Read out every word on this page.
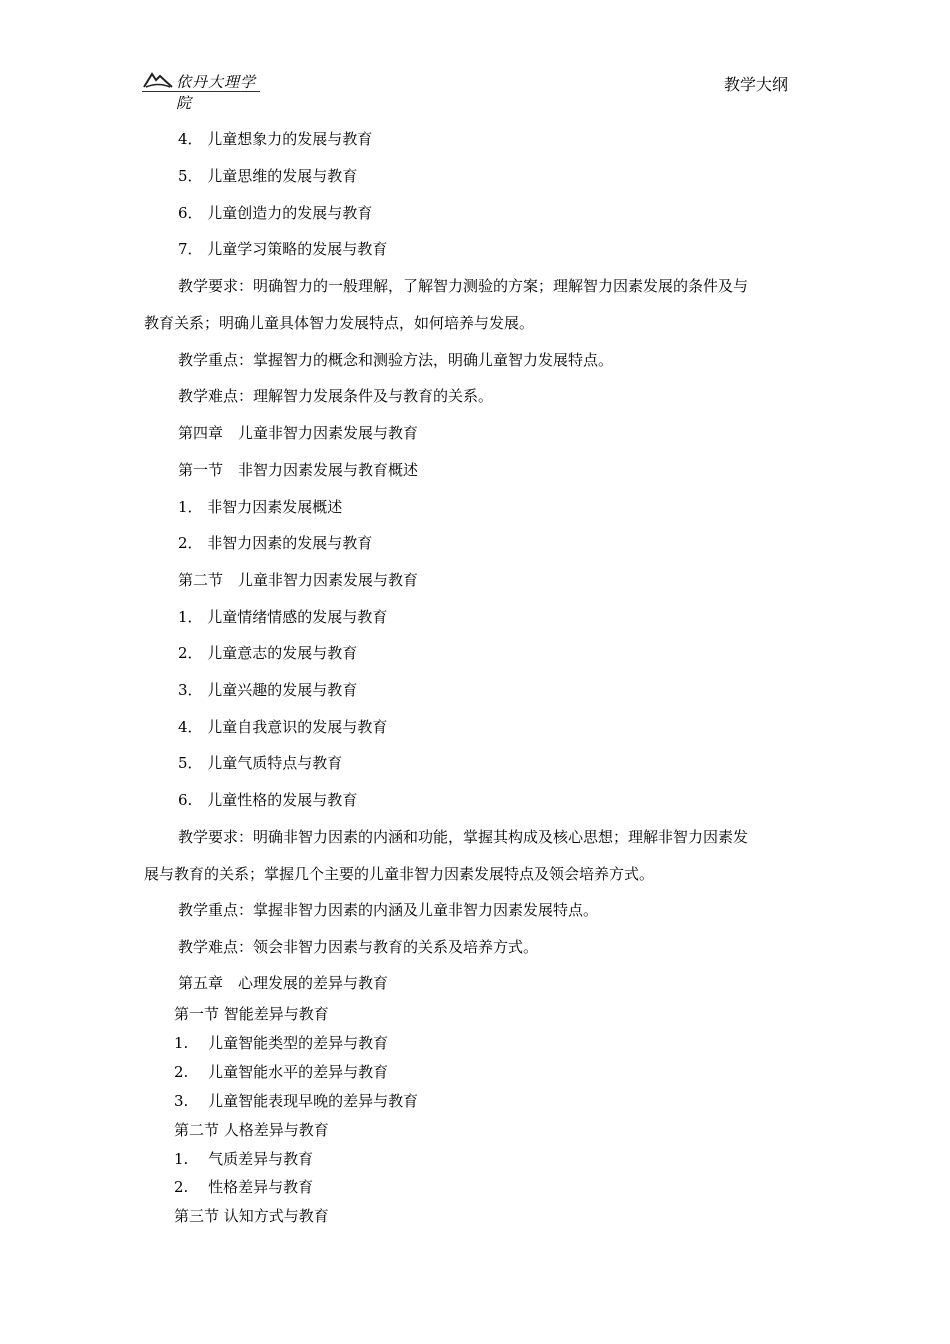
依丹大理学院
教学大纲
4． 儿童想象力的发展与教育
5． 儿童思维的发展与教育
6． 儿童创造力的发展与教育
7． 儿童学习策略的发展与教育
教学要求：明确智力的一般理解，了解智力测验的方案；理解智力因素发展的条件及与
教育关系；明确儿童具体智力发展特点，如何培养与发展。
教学重点：掌握智力的概念和测验方法，明确儿童智力发展特点。
教学难点：理解智力发展条件及与教育的关系。
第四章　儿童非智力因素发展与教育
第一节　非智力因素发展与教育概述
1． 非智力因素发展概述
2． 非智力因素的发展与教育
第二节　儿童非智力因素发展与教育
1． 儿童情绪情感的发展与教育
2． 儿童意志的发展与教育
3． 儿童兴趣的发展与教育
4． 儿童自我意识的发展与教育
5． 儿童气质特点与教育
6.　儿童性格的发展与教育
教学要求：明确非智力因素的内涵和功能，掌握其构成及核心思想；理解非智力因素发
展与教育的关系；掌握几个主要的儿童非智力因素发展特点及领会培养方式。
教学重点：掌握非智力因素的内涵及儿童非智力因素发展特点。
教学难点：领会非智力因素与教育的关系及培养方式。
第五章　心理发展的差异与教育
第一节 智能差异与教育
1.　 儿童智能类型的差异与教育
2.　 儿童智能水平的差异与教育
3.　 儿童智能表现早晚的差异与教育
第二节 人格差异与教育
1.　 气质差异与教育
2.　 性格差异与教育
第三节 认知方式与教育
